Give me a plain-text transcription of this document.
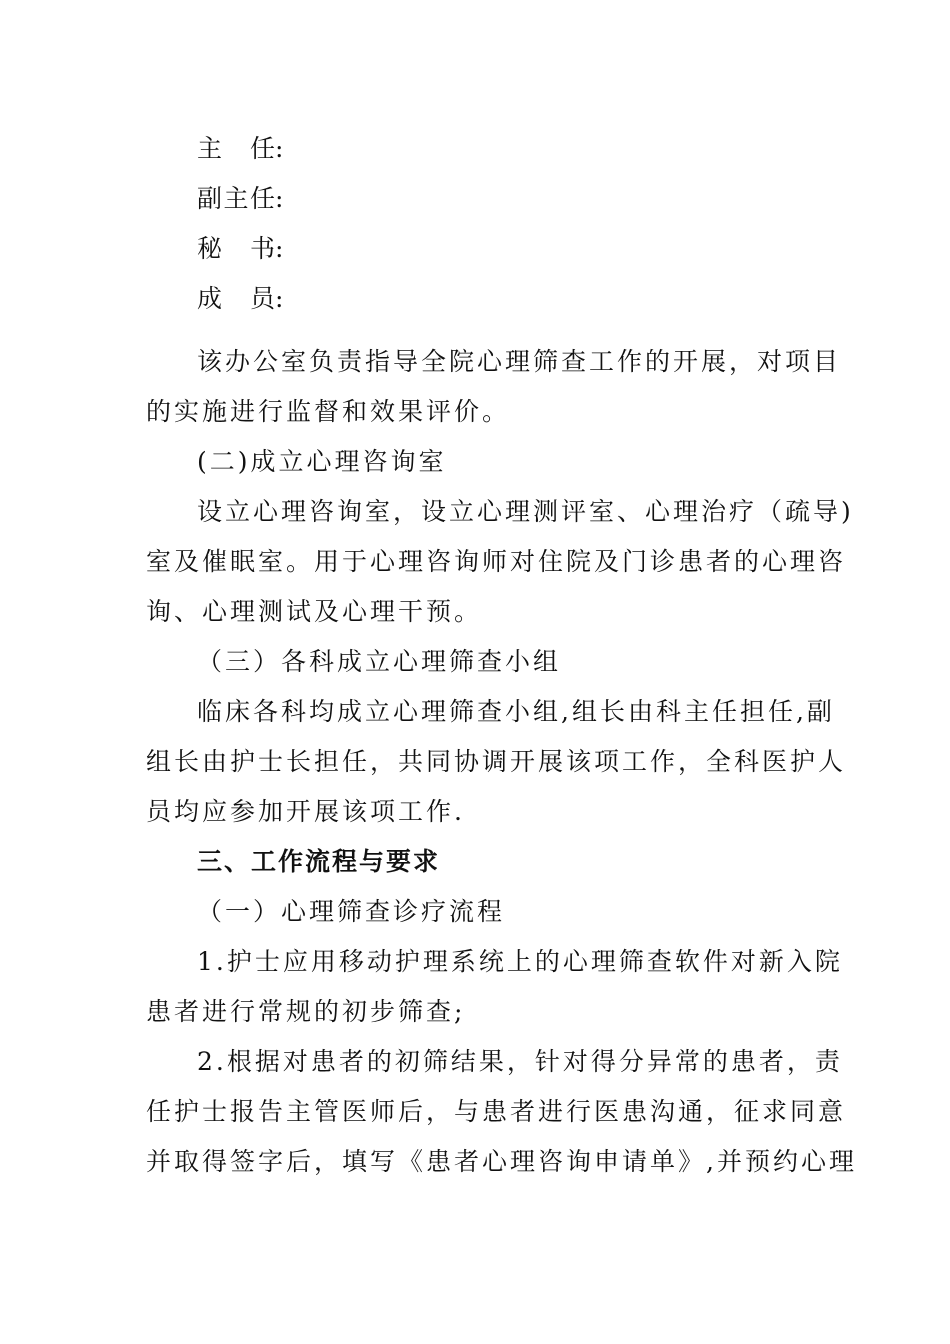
主任:
副主任:
秘书:
成员:
该办公室负责指导全院心理筛查工作的开展，对项目
的实施进行监督和效果评价。
(二)成立心理咨询室
设立心理咨询室，设立心理测评室、心理治疗（疏导)
室及催眠室。用于心理咨询师对住院及门诊患者的心理咨
询、心理测试及心理干预。
（三）各科成立心理筛查小组
临床各科均成立心理筛查小组,组长由科主任担任,副
组长由护士长担任，共同协调开展该项工作，全科医护人
员均应参加开展该项工作.
三、工作流程与要求
（一）心理筛查诊疗流程
1.护士应用移动护理系统上的心理筛查软件对新入院
患者进行常规的初步筛查;
2.根据对患者的初筛结果，针对得分异常的患者，责
任护士报告主管医师后，与患者进行医患沟通，征求同意
并取得签字后，填写《患者心理咨询申请单》,并预约心理
